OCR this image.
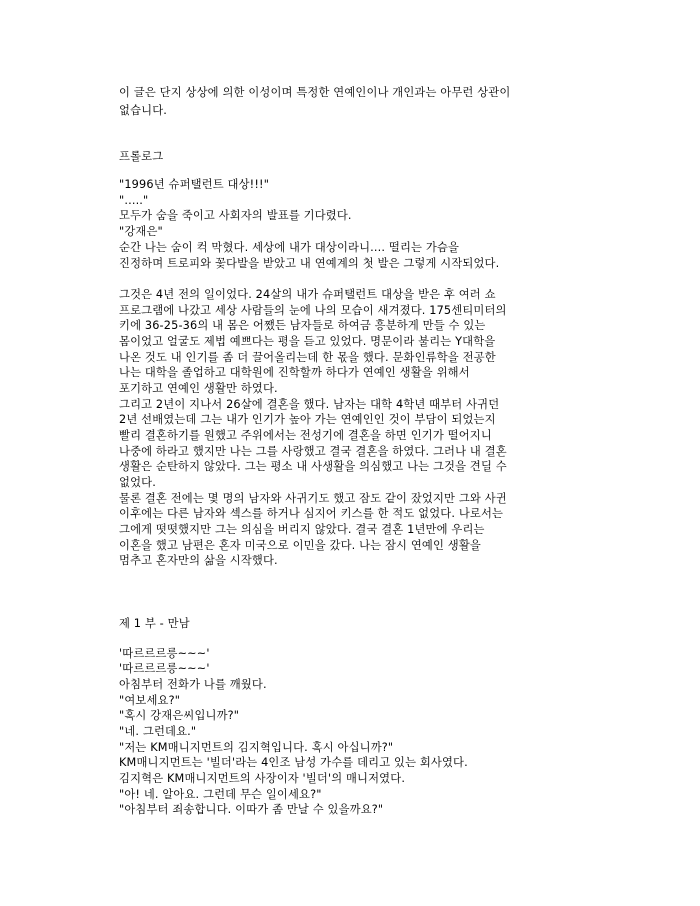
이 글은 단지 상상에 의한 이성이며 특정한 연예인이나 개인과는 아무런 상관이

없습니다.

프롤로그

"1996년 슈퍼탤런트 대상!!!"

"....."

모두가 숨을 죽이고 사회자의 발표를 기다렸다.

"강재은"

순간 나는 숨이 컥 막혔다. 세상에 내가 대상이라니.... 떨리는 가슴을

진정하며 트로피와 꽃다발을 받았고 내 연예계의 첫 발은 그렇게 시작되었다.

그것은 4년 전의 일이었다. 24살의 내가 슈퍼탤런트 대상을 받은 후 여러 쇼

프로그램에 나갔고 세상 사람들의 눈에 나의 모습이 새겨졌다. 175센티미터의

키에 36-25-36의 내 몸은 어쨌든 남자들로 하여금 흥분하게 만들 수 있는

몸이었고 얼굴도 제법 예쁘다는 평을 듣고 있었다. 명문이라 불리는 Y대학을

나온 것도 내 인기를 좀 더 끌어올리는데 한 몫을 했다. 문화인류학을 전공한

나는 대학을 졸업하고 대학원에 진학할까 하다가 연예인 생활을 위해서

포기하고 연예인 생활만 하였다.

그리고 2년이 지나서 26살에 결혼을 했다. 남자는 대학 4학년 때부터 사귀던

2년 선배였는데 그는 내가 인기가 높아 가는 연예인인 것이 부담이 되었는지

빨리 결혼하기를 원했고 주위에서는 전성기에 결혼을 하면 인기가 떨어지니

나중에 하라고 했지만 나는 그를 사랑했고 결국 결혼을 하였다. 그러나 내 결혼

생활은 순탄하지 않았다. 그는 평소 내 사생활을 의심했고 나는 그것을 견딜 수

없었다.

물론 결혼 전에는 몇 명의 남자와 사귀기도 했고 잠도 같이 잤었지만 그와 사귄

이후에는 다른 남자와 섹스를 하거나 심지어 키스를 한 적도 없었다. 나로서는

그에게 떳떳했지만 그는 의심을 버리지 않았다. 결국 결혼 1년만에 우리는

이혼을 했고 남편은 혼자 미국으로 이민을 갔다. 나는 잠시 연예인 생활을

멈추고 혼자만의 삶을 시작했다.

제 1 부 - 만남

'따르르르릉~~~'

'따르르르릉~~~'

아침부터 전화가 나를 깨웠다.

"여보세요?"

"혹시 강재은씨입니까?"

"네. 그런데요."

"저는 KM매니지먼트의 김지혁입니다. 혹시 아십니까?"

KM매니지먼트는 '빌더'라는 4인조 남성 가수를 데리고 있는 회사였다.

김지혁은 KM매니지먼트의 사장이자 '빌더'의 매니저였다.

"아! 네. 알아요. 그런데 무슨 일이세요?"

"아침부터 죄송합니다. 이따가 좀 만날 수 있을까요?"
